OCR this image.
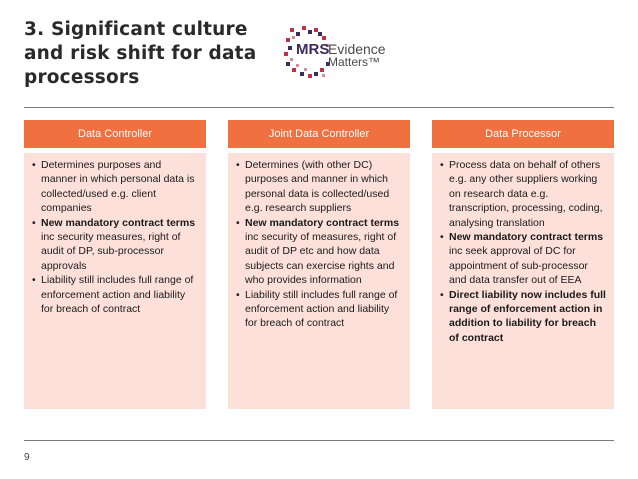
3. Significant culture
and risk shift for data
processors
MRS
Evidence
Matters™
Data Controller
• Determines purposes and manner in which personal data is collected/used e.g. client companies
• New mandatory contract terms inc security measures, right of audit of DP, sub-processor approvals
• Liability still includes full range of enforcement action and liability for breach of contract
Joint Data Controller
• Determines (with other DC) purposes and manner in which personal data is collected/used e.g. research suppliers
• New mandatory contract terms inc security of measures, right of audit of DP etc and how data subjects can exercise rights and who provides information
• Liability still includes full range of enforcement action and liability for breach of contract
Data Processor
• Process data on behalf of others e.g. any other suppliers working on research data e.g. transcription, processing, coding, analysing translation
• New mandatory contract terms inc seek approval of DC for appointment of sub-processor and data transfer out of EEA
• Direct liability now includes full range of enforcement action in addition to liability for breach of contract
9
